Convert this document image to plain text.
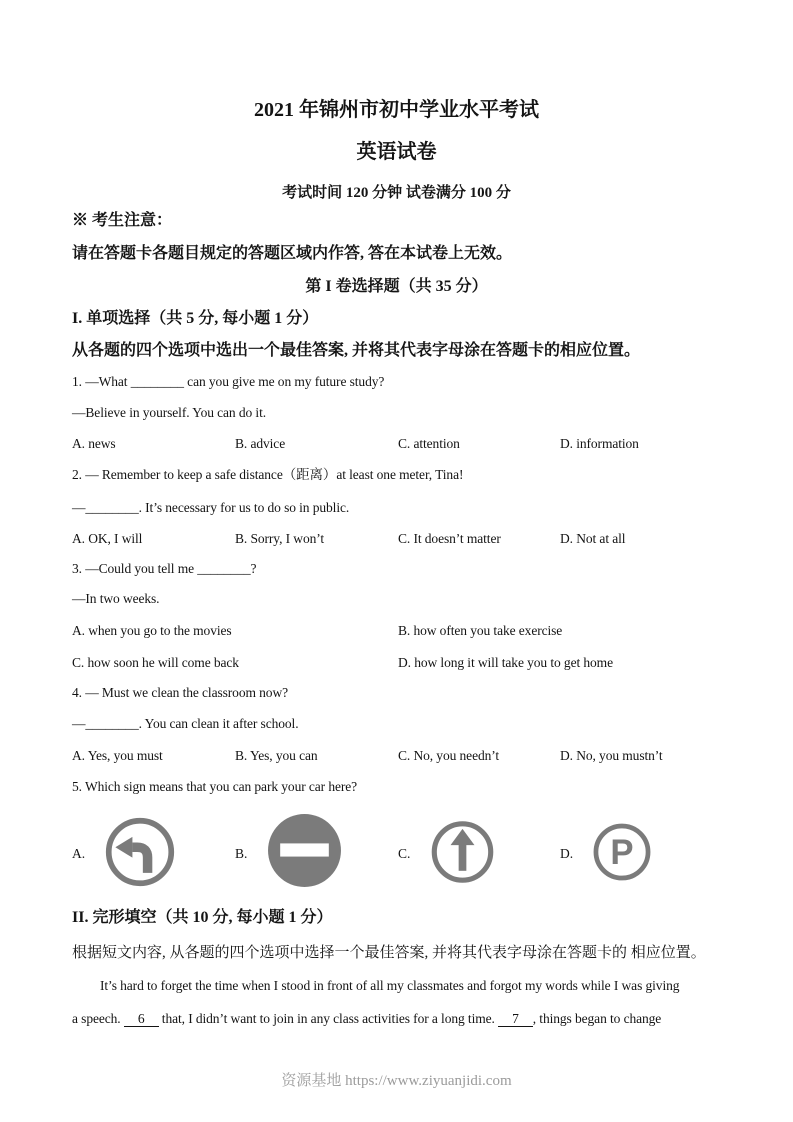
2021 年锦州市初中学业水平考试
英语试卷
考试时间 120 分钟 试卷满分 100 分
※ 考生注意：
请在答题卡各题目规定的答题区域内作答, 答在本试卷上无效。
第 I 卷选择题（共 35 分）
I. 单项选择（共 5 分, 每小题 1 分）
从各题的四个选项中选出一个最佳答案, 并将其代表字母涂在答题卡的相应位置。
1. —What ________ can you give me on my future study?
—Believe in yourself. You can do it.
A. news	B. advice	C. attention	D. information
2. — Remember to keep a safe distance（距离）at least one meter, Tina!
—________. It’s necessary for us to do so in public.
A. OK, I will	B. Sorry, I won’t	C. It doesn’t matter	D. Not at all
3. —Could you tell me ________?
—In two weeks.
A. when you go to the movies	B. how often you take exercise
C. how soon he will come back	D. how long it will take you to get home
4. — Must we clean the classroom now?
—________. You can clean it after school.
A. Yes, you must	B. Yes, you can	C. No, you needn’t	D. No, you mustn’t
5. Which sign means that you can park your car here?
A.	B.	C.	D. P
II. 完形填空（共 10 分, 每小题 1 分）
根据短文内容, 从各题的四个选项中选择一个最佳答案, 并将其代表字母涂在答题卡的 相应位置。
It’s hard to forget the time when I stood in front of all my classmates and forgot my words while I was giving
a speech. 6 that, I didn’t want to join in any class activities for a long time. 7 , things began to change
资源基地 https://www.ziyuanjidi.com
